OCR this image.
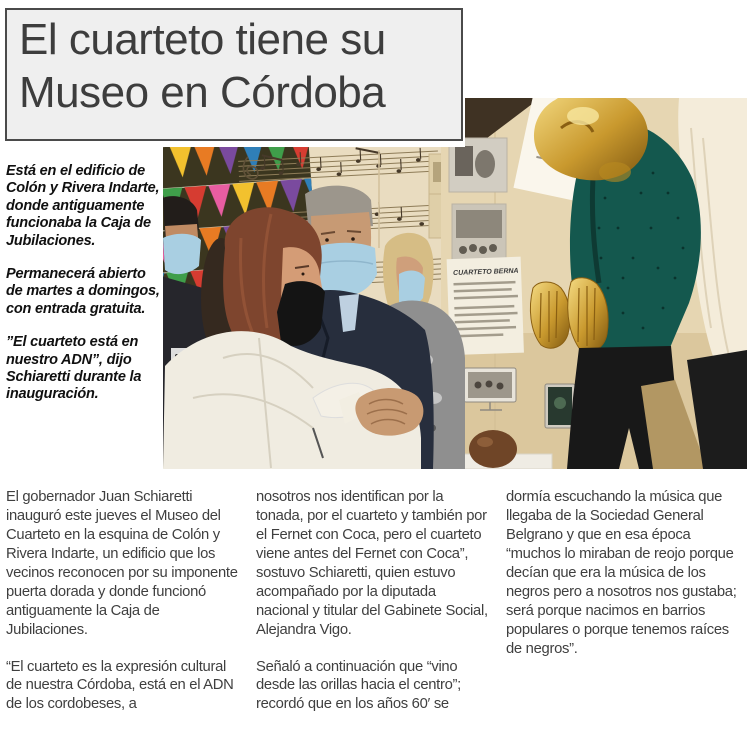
El cuarteto tiene su Museo en Córdoba

Está en el edificio de Colón y Rivera Indarte, donde antiguamente funcionaba la Caja de Jubilaciones.

Permanecerá abierto de martes a domingos, con entrada gratuita.

”El cuarteto está en nuestro ADN”, dijo Schiaretti durante la inauguración.

CUARTETO BERNA

El gobernador Juan Schiaretti inauguró este jueves el Museo del Cuarteto en la esquina de Colón y Rivera Indarte, un edificio que los vecinos reconocen por su imponente puerta dorada y donde funcionó antiguamente la Caja de Jubilaciones.

“El cuarteto es la expresión cultural de nuestra Córdoba, está en el ADN de los cordobeses, a

nosotros nos identifican por la tonada, por el cuarteto y también por el Fernet con Coca, pero el cuarteto viene antes del Fernet con Coca”, sostuvo Schiaretti, quien estuvo acompañado por la diputada nacional y titular del Gabinete Social, Alejandra Vigo.

Señaló a continuación que “vino desde las orillas hacia el centro”; recordó que en los años 60′ se

dormía escuchando la música que llegaba de la Sociedad General Belgrano y que en esa época “muchos lo miraban de reojo porque decían que era la música de los negros pero a nosotros nos gustaba; será porque nacimos en barrios populares o porque tenemos raíces de negros”.
